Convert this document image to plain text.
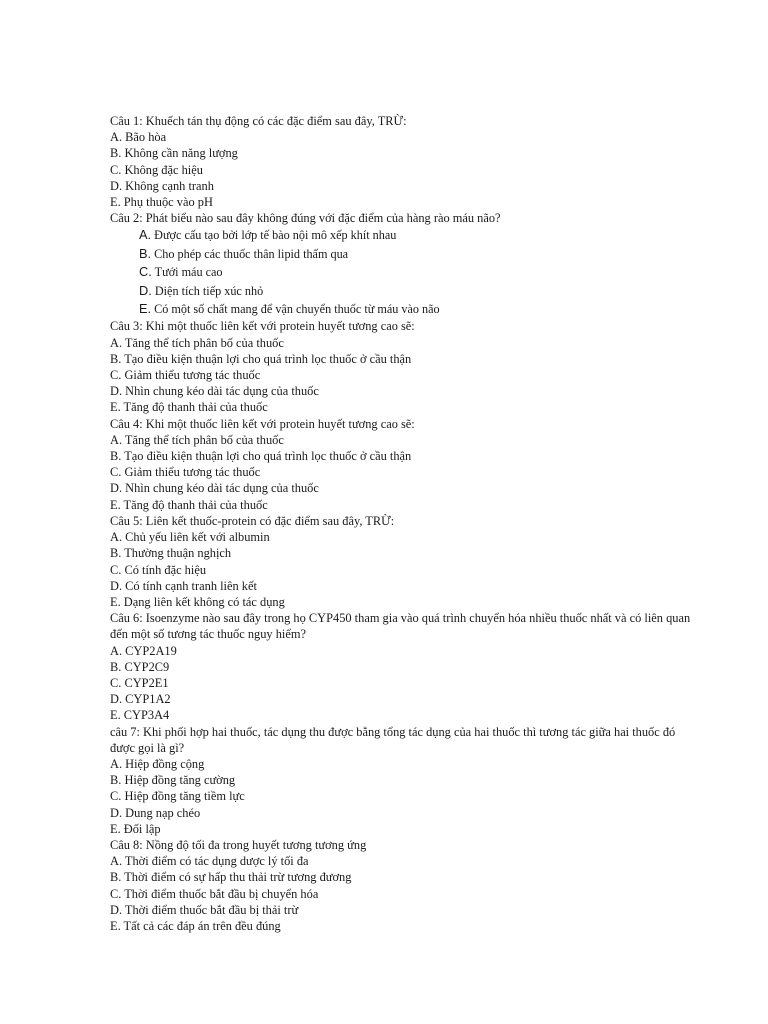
Câu 1: Khuếch tán thụ động có các đặc điểm sau đây, TRỪ:

A. Bão hòa

B. Không cần năng lượng

C. Không đặc hiệu

D. Không cạnh tranh

E. Phụ thuộc vào pH

Câu 2: Phát biểu nào sau đây không đúng với đặc điểm của hàng rào máu não?

A. Được cấu tạo bởi lớp tế bào nội mô xếp khít nhau

B. Cho phép các thuốc thân lipid thấm qua

C. Tưới máu cao

D. Diện tích tiếp xúc nhỏ

E. Có một số chất mang để vận chuyển thuốc từ máu vào não

Câu 3: Khi một thuốc liên kết với protein huyết tương cao sẽ:

A. Tăng thể tích phân bố của thuốc

B. Tạo điều kiện thuận lợi cho quá trình lọc thuốc ở cầu thận

C. Giảm thiểu tương tác thuốc

D. Nhìn chung kéo dài tác dụng của thuốc

E. Tăng độ thanh thải của thuốc

Câu 4: Khi một thuốc liên kết với protein huyết tương cao sẽ:

A. Tăng thể tích phân bố của thuốc

B. Tạo điều kiện thuận lợi cho quá trình lọc thuốc ở cầu thận

C. Giảm thiểu tương tác thuốc

D. Nhìn chung kéo dài tác dụng của thuốc

E. Tăng độ thanh thải của thuốc

Câu 5: Liên kết thuốc-protein có đặc điểm sau đây, TRỪ:

A. Chủ yếu liên kết với albumin

B. Thường thuận nghịch

C. Có tính đặc hiệu

D. Có tính cạnh tranh liên kết

E. Dạng liên kết không có tác dụng

Câu 6: Isoenzyme nào sau đây trong họ CYP450 tham gia vào quá trình chuyển hóa nhiều thuốc nhất và có liên quan đến một số tương tác thuốc nguy hiểm?

A. CYP2A19

B. CYP2C9

C. CYP2E1

D. CYP1A2

E. CYP3A4

câu 7: Khi phối hợp hai thuốc, tác dụng thu được bằng tổng tác dụng của hai thuốc thì tương tác giữa hai thuốc đó được gọi là gì?

A. Hiệp đồng cộng

B. Hiệp đồng tăng cường

C. Hiệp đồng tăng tiềm lực

D. Dung nạp chéo

E. Đối lập

Câu 8: Nồng độ tối đa trong huyết tương tương ứng

A. Thời điểm có tác dụng dược lý tối đa

B. Thời điểm có sự hấp thu thải trừ tương đương

C. Thời điểm thuốc bắt đầu bị chuyển hóa

D. Thời điểm thuốc bắt đầu bị thải trừ

E. Tất cả các đáp án trên đều đúng
